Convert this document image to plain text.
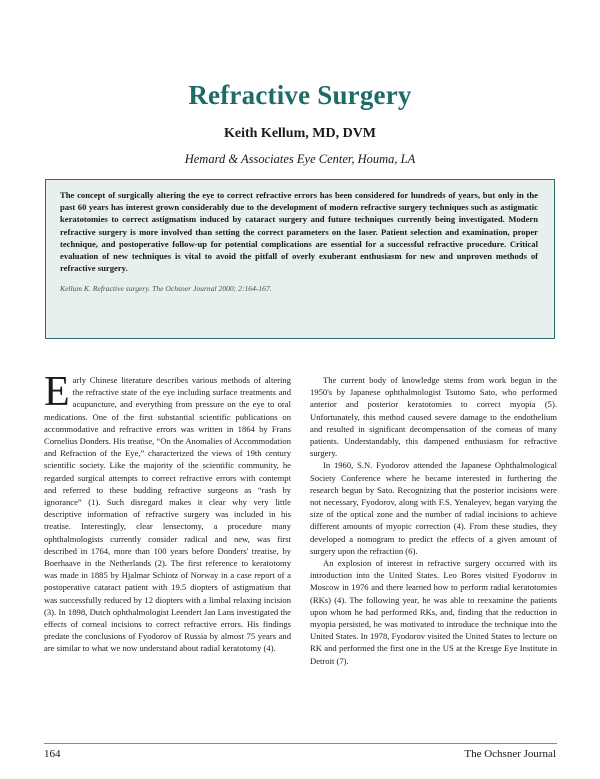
Refractive Surgery
Keith Kellum, MD, DVM
Hemard & Associates Eye Center, Houma, LA

The concept of surgically altering the eye to correct refractive errors has been considered for hundreds of years, but only in the past 60 years has interest grown considerably due to the development of modern refractive surgery techniques such as astigmatic keratotomies to correct astigmatism induced by cataract surgery and future techniques currently being investigated. Modern refractive surgery is more involved than setting the correct parameters on the laser. Patient selection and examination, proper technique, and postoperative follow-up for potential complications are essential for a successful refractive procedure. Critical evaluation of new techniques is vital to avoid the pitfall of overly exuberant enthusiasm for new and unproven methods of refractive surgery.

Kellum K. Refractive surgery. The Ochsner Journal 2000; 2:164-167.

Early Chinese literature describes various methods of altering the refractive state of the eye including surface treatments and acupuncture, and everything from pressure on the eye to oral medications. One of the first substantial scientific publications on accommodative and refractive errors was written in 1864 by Frans Cornelius Donders. His treatise, “On the Anomalies of Accommodation and Refraction of the Eye,” characterized the views of 19th century scientific society. Like the majority of the scientific community, he regarded surgical attempts to correct refractive errors with contempt and referred to these budding refractive surgeons as “rash by ignorance” (1). Such disregard makes it clear why very little descriptive information of refractive surgery was included in his treatise. Interestingly, clear lensectomy, a procedure many ophthalmologists currently consider radical and new, was first described in 1764, more than 100 years before Donders' treatise, by Boerhaave in the Netherlands (2). The first reference to keratotomy was made in 1885 by Hjalmar Schiotz of Norway in a case report of a postoperative cataract patient with 19.5 diopters of astigmatism that was successfully reduced by 12 diopters with a limbal relaxing incision (3). In 1898, Dutch ophthalmologist Leendert Jan Lans investigated the effects of corneal incisions to correct refractive errors. His findings predate the conclusions of Fyodorov of Russia by almost 75 years and are similar to what we now understand about radial keratotomy (4).

The current body of knowledge stems from work begun in the 1950's by Japanese ophthalmologist Tsutomo Sato, who performed anterior and posterior keratotomies to correct myopia (5). Unfortunately, this method caused severe damage to the endothelium and resulted in significant decompensation of the corneas of many patients. Understandably, this dampened enthusiasm for refractive surgery.

In 1960, S.N. Fyodorov attended the Japanese Ophthalmological Society Conference where he became interested in furthering the research begun by Sato. Recognizing that the posterior incisions were not necessary, Fyodorov, along with F.S. Yenaleyev, began varying the size of the optical zone and the number of radial incisions to achieve different amounts of myopic correction (4). From these studies, they developed a nomogram to predict the effects of a given amount of surgery upon the refraction (6).

An explosion of interest in refractive surgery occurred with its introduction into the United States. Leo Bores visited Fyodorov in Moscow in 1976 and there learned how to perform radial keratotomies (RKs) (4). The following year, he was able to reexamine the patients upon whom he had performed RKs, and, finding that the reduction in myopia persisted, he was motivated to introduce the technique into the United States. In 1978, Fyodorov visited the United States to lecture on RK and performed the first one in the US at the Kresge Eye Institute in Detroit (7).

164	The Ochsner Journal
